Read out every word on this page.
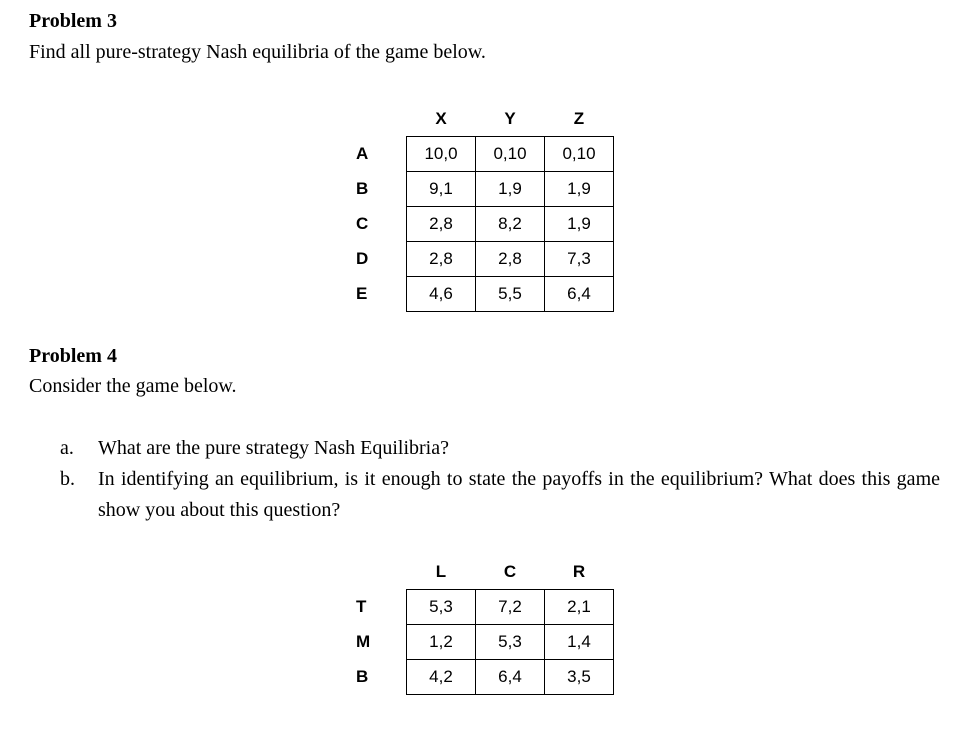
Problem 3
Find all pure-strategy Nash equilibria of the game below.
	X	Y	Z
A	10,0	0,10	0,10
B	9,1	1,9	1,9
C	2,8	8,2	1,9
D	2,8	2,8	7,3
E	4,6	5,5	6,4
Problem 4
Consider the game below.
a.	What are the pure strategy Nash Equilibria?
b.	In identifying an equilibrium, is it enough to state the payoffs in the equilibrium? What does this game show you about this question?
	L	C	R
T	5,3	7,2	2,1
M	1,2	5,3	1,4
B	4,2	6,4	3,5
